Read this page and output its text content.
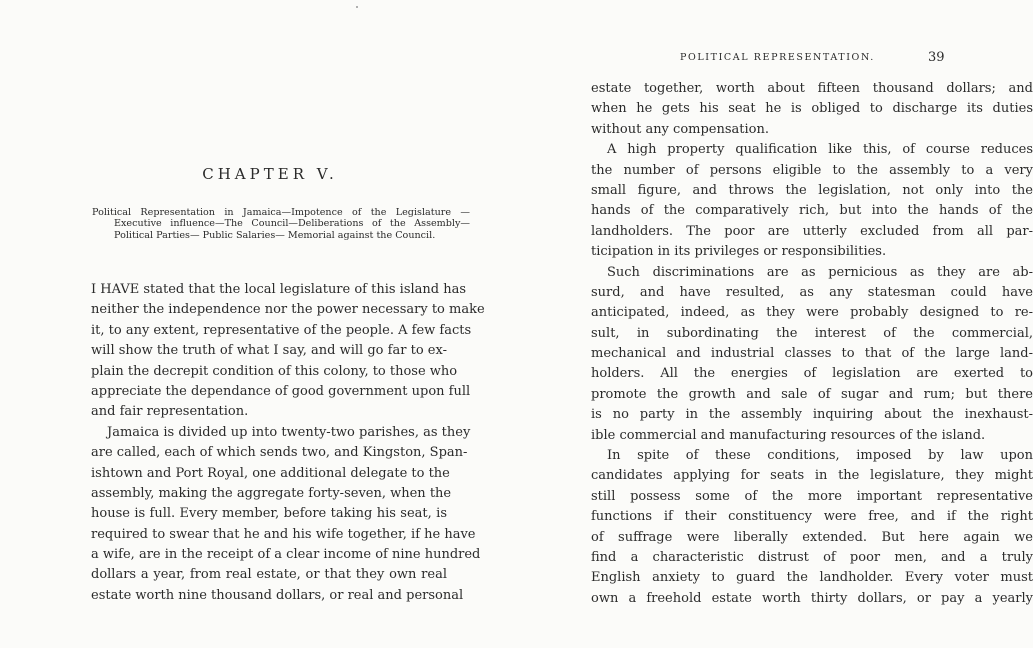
CHAPTER V.

Political Representation in Jamaica—Impotence of the Legislature —Executive influence—The Council—Deliberations of the Assembly—Political Parties— Public Salaries— Memorial against the Council.

I HAVE stated that the local legislature of this island has
neither the independence nor the power necessary to make
it, to any extent, representative of the people. A few facts
will show the truth of what I say, and will go far to ex-
plain the decrepit condition of this colony, to those who
appreciate the dependance of good government upon full
and fair representation.
Jamaica is divided up into twenty-two parishes, as they
are called, each of which sends two, and Kingston, Span-
ishtown and Port Royal, one additional delegate to the
assembly, making the aggregate forty-seven, when the
house is full. Every member, before taking his seat, is
required to swear that he and his wife together, if he have
a wife, are in the receipt of a clear income of nine hundred
dollars a year, from real estate, or that they own real
estate worth nine thousand dollars, or real and personal

POLITICAL REPRESENTATION.	39

estate together, worth about fifteen thousand dollars; and
when he gets his seat he is obliged to discharge its duties
without any compensation.
A high property qualification like this, of course reduces
the number of persons eligible to the assembly to a very
small figure, and throws the legislation, not only into the
hands of the comparatively rich, but into the hands of the
landholders. The poor are utterly excluded from all par-
ticipation in its privileges or responsibilities.
Such discriminations are as pernicious as they are ab-
surd, and have resulted, as any statesman could have
anticipated, indeed, as they were probably designed to re-
sult, in subordinating the interest of the commercial,
mechanical and industrial classes to that of the large land-
holders. All the energies of legislation are exerted to
promote the growth and sale of sugar and rum; but there
is no party in the assembly inquiring about the inexhaust-
ible commercial and manufacturing resources of the island.
In spite of these conditions, imposed by law upon
candidates applying for seats in the legislature, they might
still possess some of the more important representative
functions if their constituency were free, and if the right
of suffrage were liberally extended. But here again we
find a characteristic distrust of poor men, and a truly
English anxiety to guard the landholder. Every voter must
own a freehold estate worth thirty dollars, or pay a yearly
